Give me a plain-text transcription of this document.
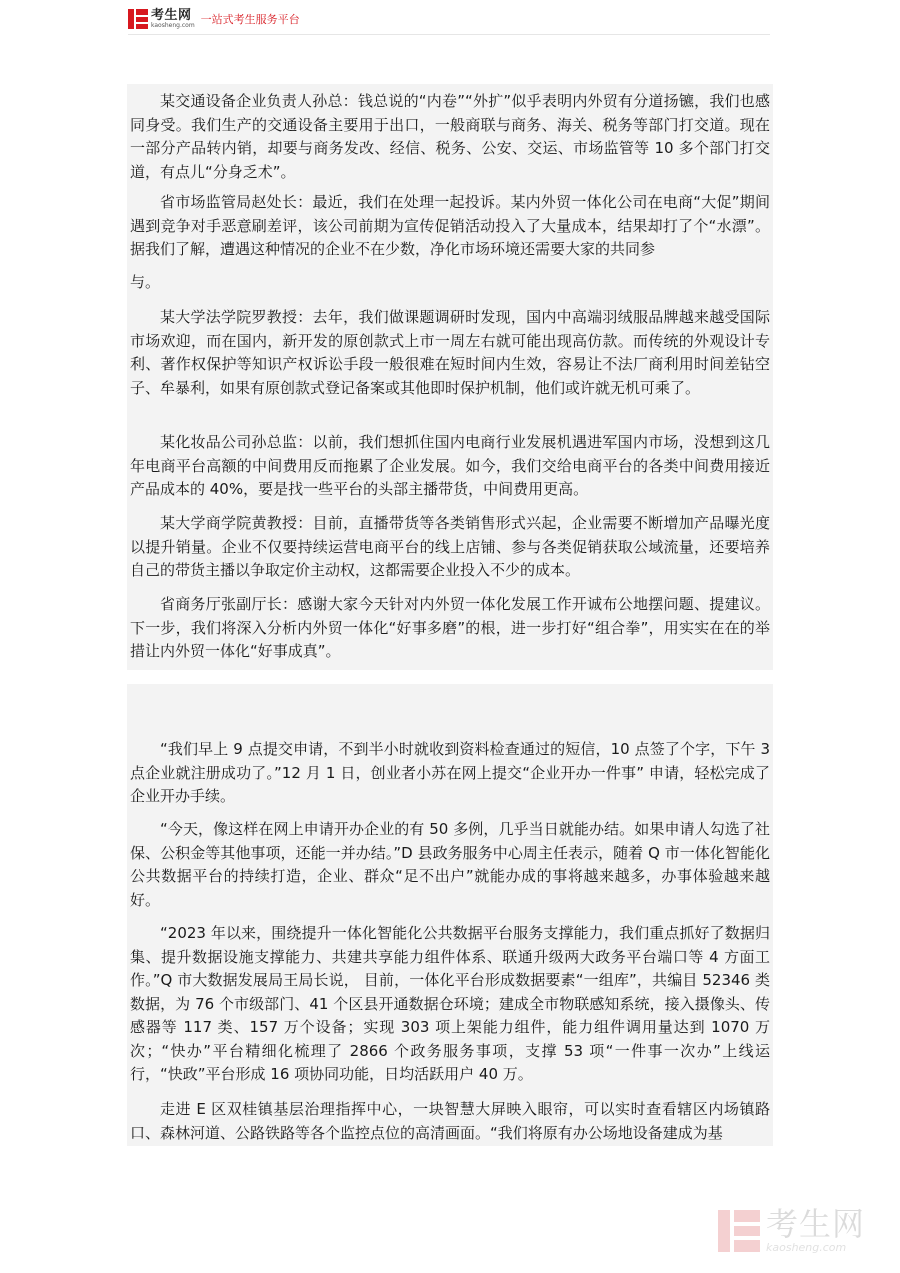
考生网
kaosheng.com 一站式考生服务平台

某交通设备企业负责人孙总：钱总说的“内卷”“外扩”似乎表明内外贸有分道扬镳，我们也感同身受。我们生产的交通设备主要用于出口，一般商联与商务、海关、税务等部门打交道。现在一部分产品转内销，却要与商务发改、经信、税务、公安、交运、市场监管等 10 多个部门打交道，有点儿“分身乏术”。

省市场监管局赵处长：最近，我们在处理一起投诉。某内外贸一体化公司在电商“大促”期间遇到竞争对手恶意刷差评，该公司前期为宣传促销活动投入了大量成本，结果却打了个“水漂”。据我们了解，遭遇这种情况的企业不在少数，净化市场环境还需要大家的共同参

与。

某大学法学院罗教授：去年，我们做课题调研时发现，国内中高端羽绒服品牌越来越受国际市场欢迎，而在国内，新开发的原创款式上市一周左右就可能出现高仿款。而传统的外观设计专利、著作权保护等知识产权诉讼手段一般很难在短时间内生效，容易让不法厂商利用时间差钻空子、牟暴利，如果有原创款式登记备案或其他即时保护机制，他们或许就无机可乘了。

某化妆品公司孙总监：以前，我们想抓住国内电商行业发展机遇进军国内市场，没想到这几年电商平台高额的中间费用反而拖累了企业发展。如今，我们交给电商平台的各类中间费用接近产品成本的 40%，要是找一些平台的头部主播带货，中间费用更高。

某大学商学院黄教授：目前，直播带货等各类销售形式兴起，企业需要不断增加产品曝光度以提升销量。企业不仅要持续运营电商平台的线上店铺、参与各类促销获取公域流量，还要培养自己的带货主播以争取定价主动权，这都需要企业投入不少的成本。

省商务厅张副厅长：感谢大家今天针对内外贸一体化发展工作开诚布公地摆问题、提建议。下一步，我们将深入分析内外贸一体化“好事多磨”的根，进一步打好“组合拳”，用实实在在的举措让内外贸一体化“好事成真”。

“我们早上 9 点提交申请，不到半小时就收到资料检查通过的短信，10 点签了个字，下午 3 点企业就注册成功了。”12 月 1 日，创业者小苏在网上提交“企业开办一件事” 申请，轻松完成了企业开办手续。

“今天，像这样在网上申请开办企业的有 50 多例，几乎当日就能办结。如果申请人勾选了社保、公积金等其他事项，还能一并办结。”D 县政务服务中心周主任表示，随着 Q 市一体化智能化公共数据平台的持续打造，企业、群众“足不出户”就能办成的事将越来越多，办事体验越来越好。

“2023 年以来，围绕提升一体化智能化公共数据平台服务支撑能力，我们重点抓好了数据归集、提升数据设施支撑能力、共建共享能力组件体系、联通升级两大政务平台端口等 4 方面工作。”Q 市大数据发展局王局长说， 目前，一体化平台形成数据要素“一组库”，共编目 52346 类数据，为 76 个市级部门、41 个区县开通数据仓环境；建成全市物联感知系统，接入摄像头、传感器等 117 类、157 万个设备；实现 303 项上架能力组件，能力组件调用量达到 1070 万次；“快办”平台精细化梳理了 2866 个政务服务事项，支撑 53 项“一件事一次办”上线运行，“快政”平台形成 16 项协同功能，日均活跃用户 40 万。

走进 E 区双桂镇基层治理指挥中心，一块智慧大屏映入眼帘，可以实时查看辖区内场镇路口、森林河道、公路铁路等各个监控点位的高清画面。“我们将原有办公场地设备建成为基

考生网
kaosheng.com
